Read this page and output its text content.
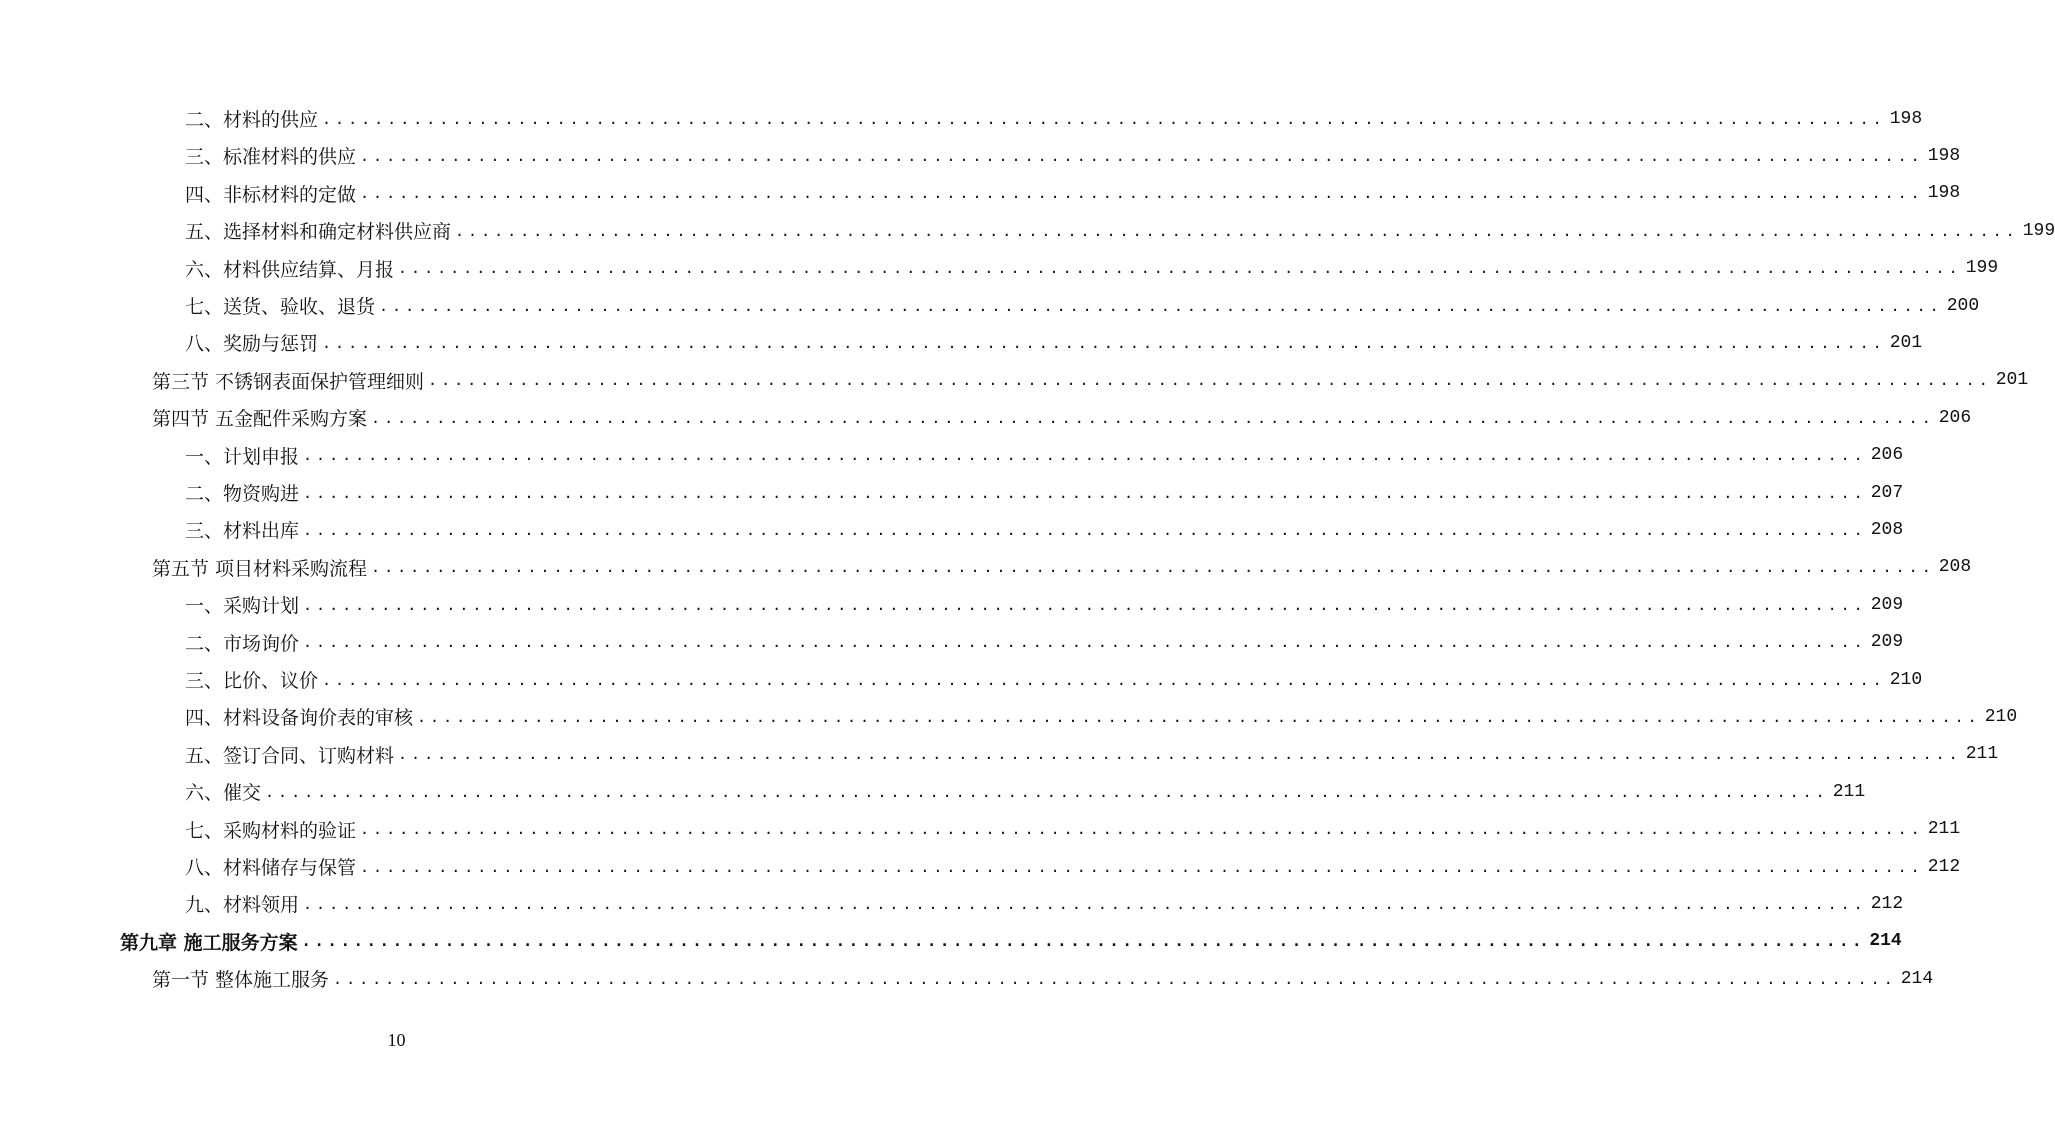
二、材料的供应 ........................................................................................................................ 198
三、标准材料的供应 ........................................................................................................................ 198
四、非标材料的定做 ........................................................................................................................ 198
五、选择材料和确定材料供应商 ........................................................................................................................ 199
六、材料供应结算、月报 ........................................................................................................................ 199
七、送货、验收、退货 ........................................................................................................................ 200
八、奖励与惩罚 ........................................................................................................................ 201
第三节 不锈钢表面保护管理细则 ........................................................................................................................ 201
第四节 五金配件采购方案 ........................................................................................................................ 206
一、计划申报 ........................................................................................................................ 206
二、物资购进 ........................................................................................................................ 207
三、材料出库 ........................................................................................................................ 208
第五节 项目材料采购流程 ........................................................................................................................ 208
一、采购计划 ........................................................................................................................ 209
二、市场询价 ........................................................................................................................ 209
三、比价、议价 ........................................................................................................................ 210
四、材料设备询价表的审核 ........................................................................................................................ 210
五、签订合同、订购材料 ........................................................................................................................ 211
六、催交 ........................................................................................................................ 211
七、采购材料的验证 ........................................................................................................................ 211
八、材料储存与保管 ........................................................................................................................ 212
九、材料领用 ........................................................................................................................ 212
第九章 施工服务方案 ........................................................................................................................ 214
第一节 整体施工服务 ........................................................................................................................ 214
10
